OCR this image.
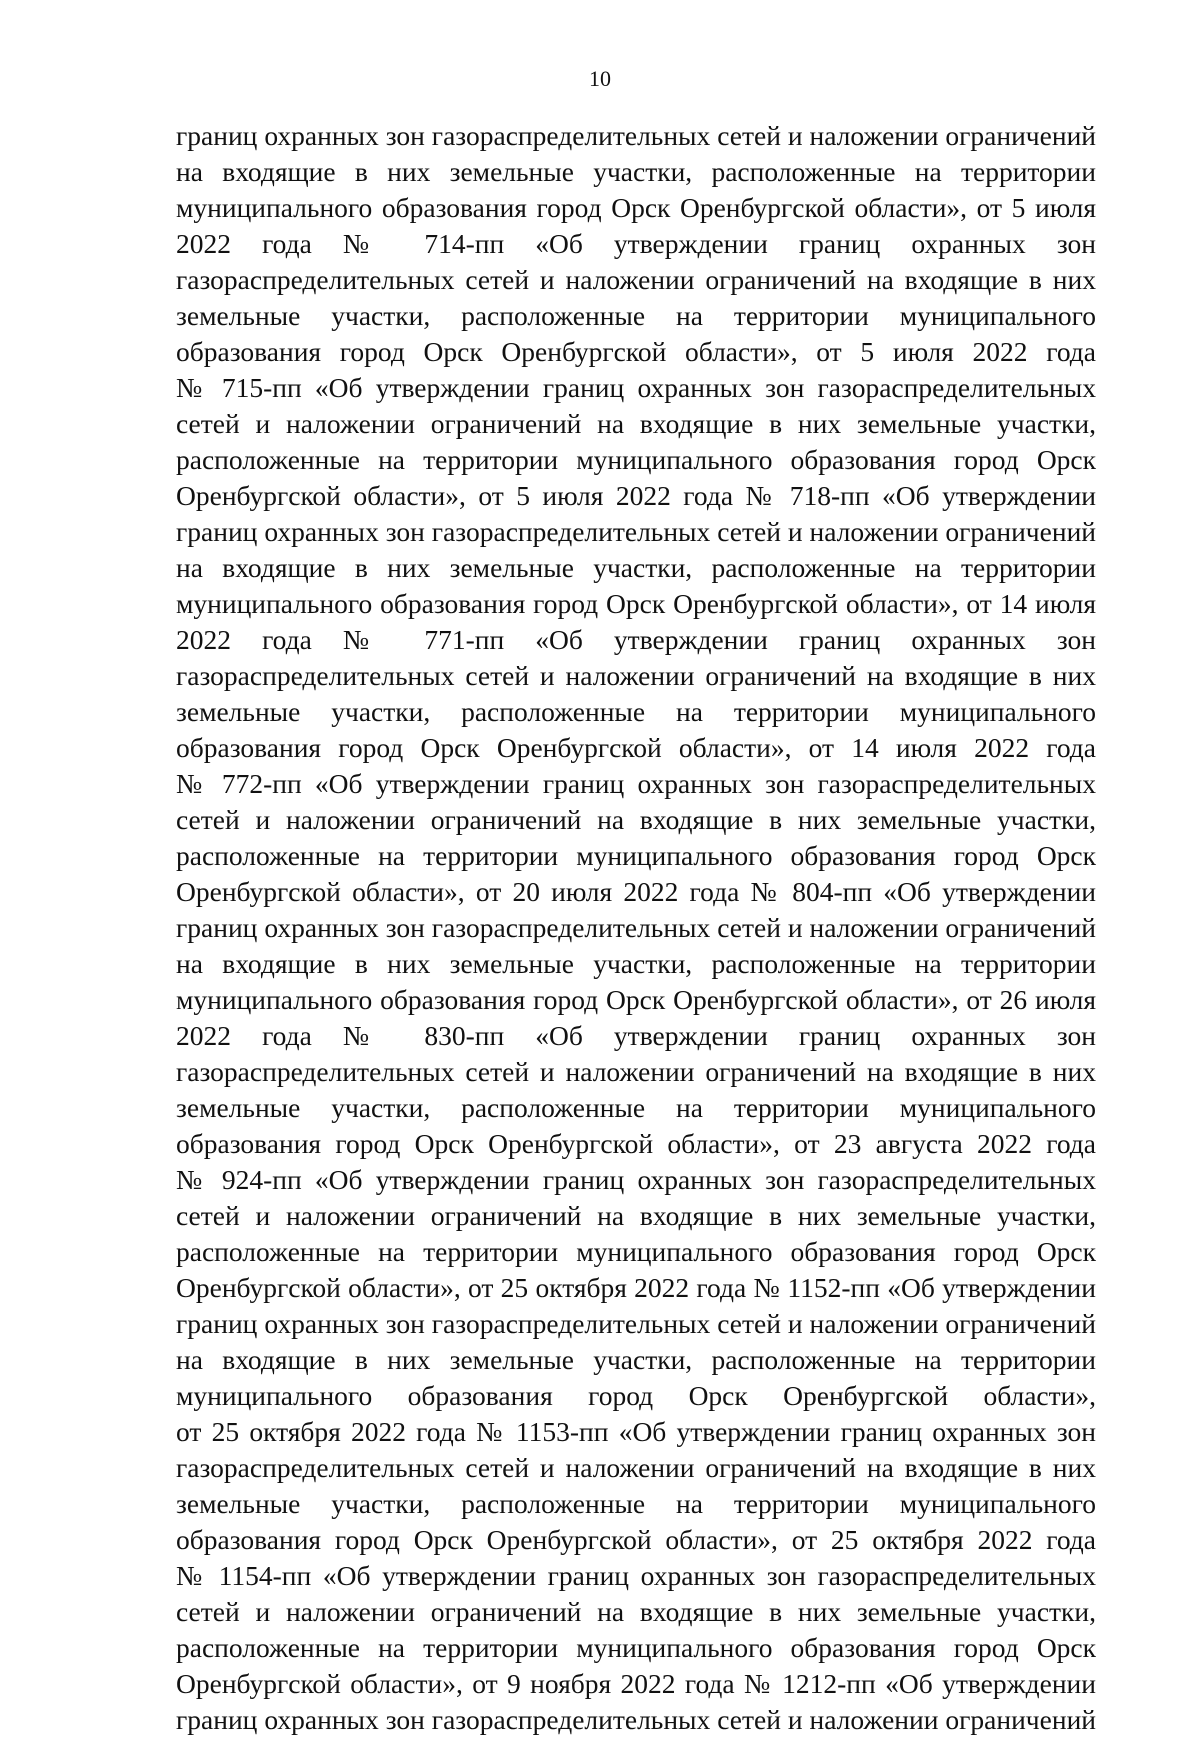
10
границ охранных зон газораспределительных сетей и наложении ограничений
на входящие в них земельные участки, расположенные на территории
муниципального образования город Орск Оренбургской области», от 5 июля
2022 года № 714-пп «Об утверждении границ охранных зон
газораспределительных сетей и наложении ограничений на входящие в них
земельные участки, расположенные на территории муниципального
образования город Орск Оренбургской области», от 5 июля 2022 года
№ 715-пп «Об утверждении границ охранных зон газораспределительных
сетей и наложении ограничений на входящие в них земельные участки,
расположенные на территории муниципального образования город Орск
Оренбургской области», от 5 июля 2022 года № 718-пп «Об утверждении
границ охранных зон газораспределительных сетей и наложении ограничений
на входящие в них земельные участки, расположенные на территории
муниципального образования город Орск Оренбургской области», от 14 июля
2022 года № 771-пп «Об утверждении границ охранных зон
газораспределительных сетей и наложении ограничений на входящие в них
земельные участки, расположенные на территории муниципального
образования город Орск Оренбургской области», от 14 июля 2022 года
№ 772-пп «Об утверждении границ охранных зон газораспределительных
сетей и наложении ограничений на входящие в них земельные участки,
расположенные на территории муниципального образования город Орск
Оренбургской области», от 20 июля 2022 года № 804-пп «Об утверждении
границ охранных зон газораспределительных сетей и наложении ограничений
на входящие в них земельные участки, расположенные на территории
муниципального образования город Орск Оренбургской области», от 26 июля
2022 года № 830-пп «Об утверждении границ охранных зон
газораспределительных сетей и наложении ограничений на входящие в них
земельные участки, расположенные на территории муниципального
образования город Орск Оренбургской области», от 23 августа 2022 года
№ 924-пп «Об утверждении границ охранных зон газораспределительных
сетей и наложении ограничений на входящие в них земельные участки,
расположенные на территории муниципального образования город Орск
Оренбургской области», от 25 октября 2022 года № 1152-пп «Об утверждении
границ охранных зон газораспределительных сетей и наложении ограничений
на входящие в них земельные участки, расположенные на территории
муниципального образования город Орск Оренбургской области»,
от 25 октября 2022 года № 1153-пп «Об утверждении границ охранных зон
газораспределительных сетей и наложении ограничений на входящие в них
земельные участки, расположенные на территории муниципального
образования город Орск Оренбургской области», от 25 октября 2022 года
№ 1154-пп «Об утверждении границ охранных зон газораспределительных
сетей и наложении ограничений на входящие в них земельные участки,
расположенные на территории муниципального образования город Орск
Оренбургской области», от 9 ноября 2022 года № 1212-пп «Об утверждении
границ охранных зон газораспределительных сетей и наложении ограничений
